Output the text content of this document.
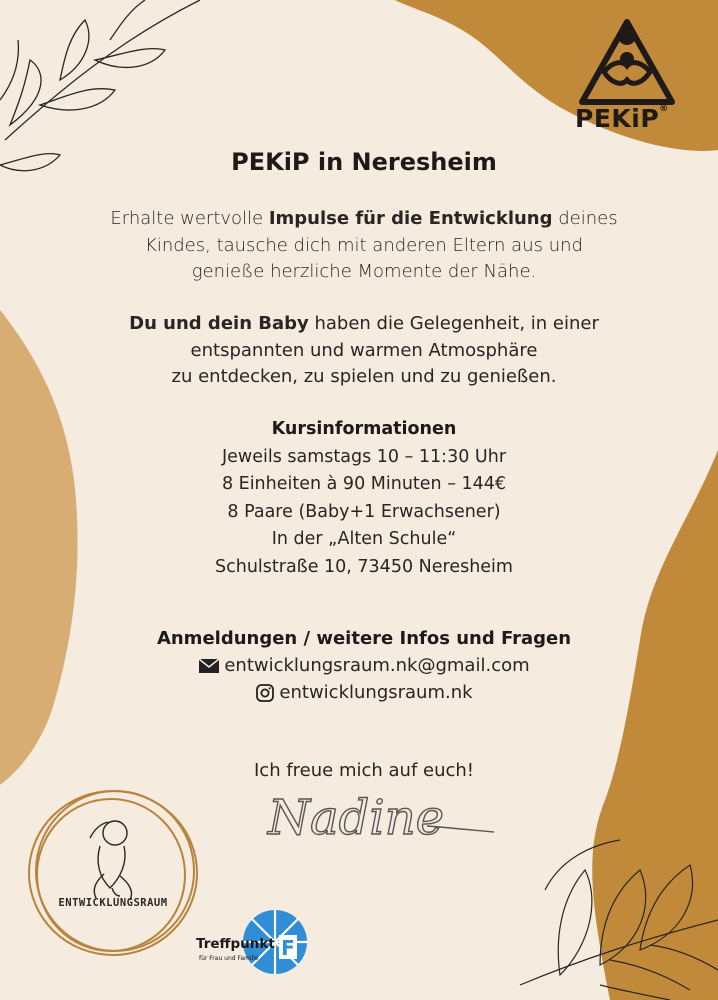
PEKiP®
PEKiP in Neresheim
Erhalte wertvolle Impulse für die Entwicklung deines
Kindes, tausche dich mit anderen Eltern aus und
genieße herzliche Momente der Nähe.
Du und dein Baby haben die Gelegenheit, in einer
entspannten und warmen Atmosphäre
zu entdecken, zu spielen und zu genießen.
Kursinformationen
Jeweils samstags 10 – 11:30 Uhr
8 Einheiten à 90 Minuten – 144€
8 Paare (Baby+1 Erwachsener)
In der „Alten Schule“
Schulstraße 10, 73450 Neresheim
Anmeldungen / weitere Infos und Fragen
entwicklungsraum.nk@gmail.com
entwicklungsraum.nk
Ich freue mich auf euch!
Nadine
ENTWICKLUNGSRAUM
F
Treffpunkt
für Frau und Familie
